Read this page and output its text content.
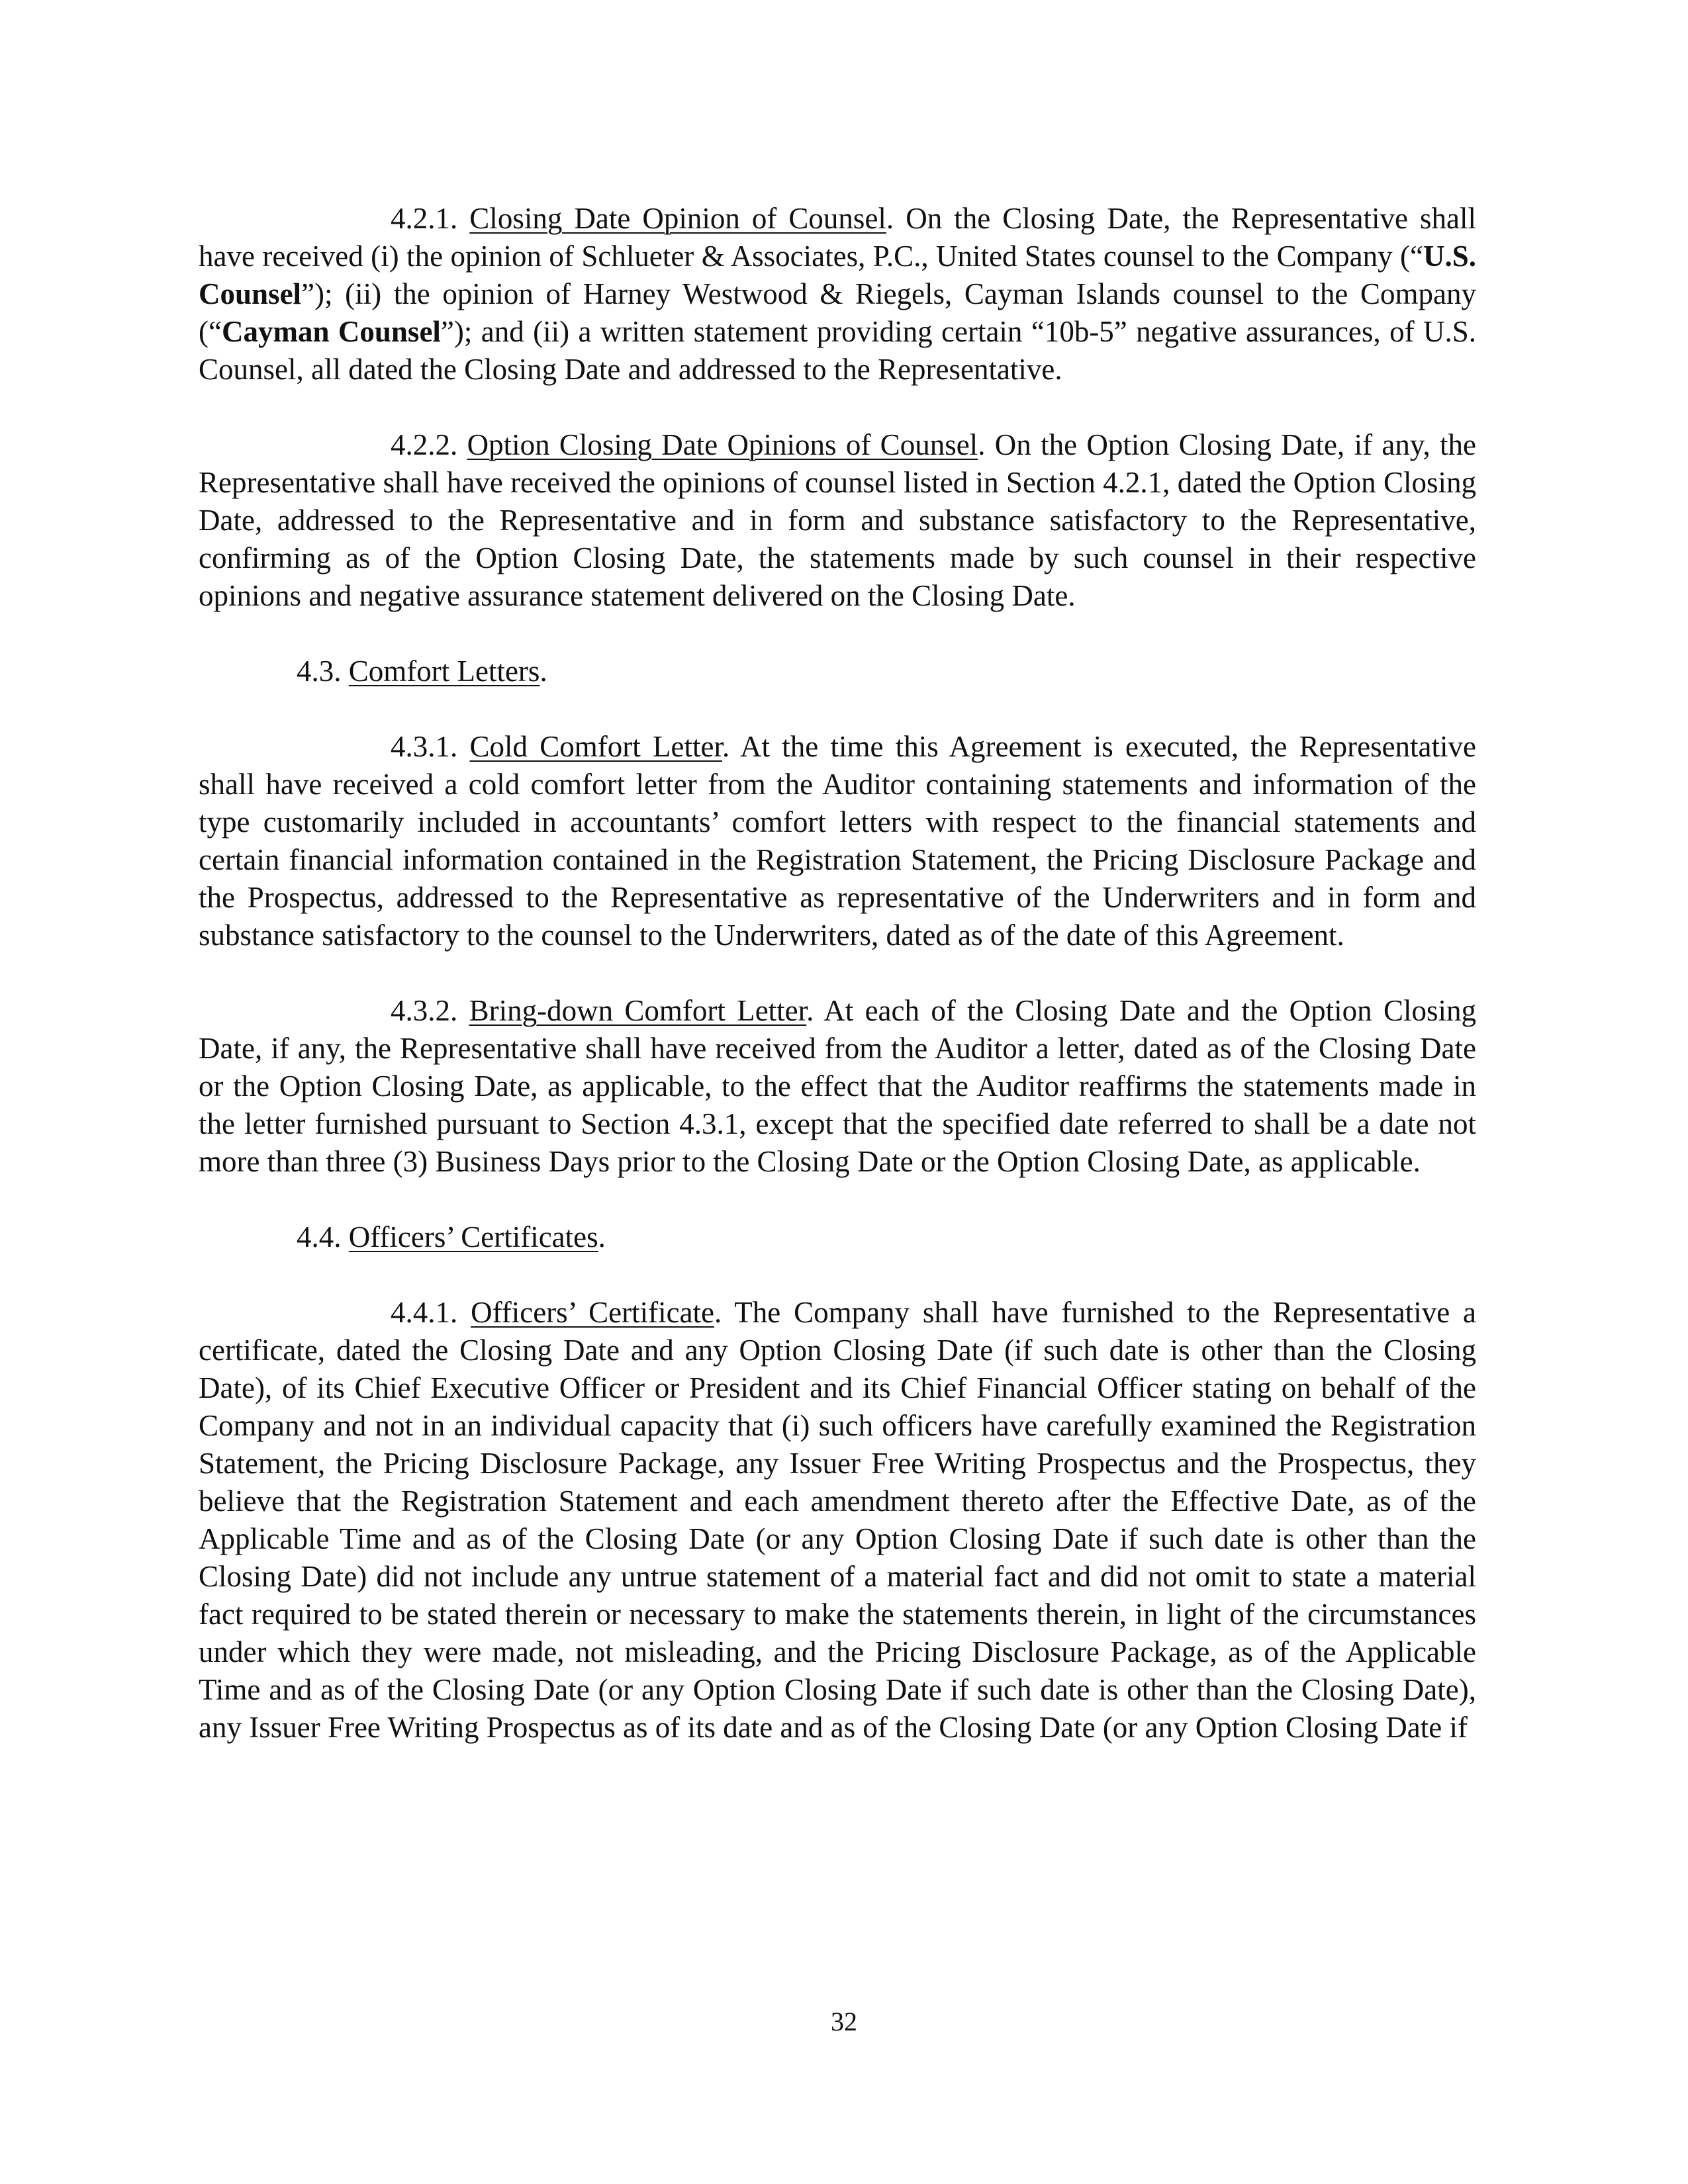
4.2.1. Closing Date Opinion of Counsel. On the Closing Date, the Representative shall have received (i) the opinion of Schlueter & Associates, P.C., United States counsel to the Company (“U.S. Counsel”); (ii) the opinion of Harney Westwood & Riegels, Cayman Islands counsel to the Company (“Cayman Counsel”); and (ii) a written statement providing certain “10b-5” negative assurances, of U.S. Counsel, all dated the Closing Date and addressed to the Representative.

4.2.2. Option Closing Date Opinions of Counsel. On the Option Closing Date, if any, the Representative shall have received the opinions of counsel listed in Section 4.2.1, dated the Option Closing Date, addressed to the Representative and in form and substance satisfactory to the Representative, confirming as of the Option Closing Date, the statements made by such counsel in their respective opinions and negative assurance statement delivered on the Closing Date.

4.3. Comfort Letters.

4.3.1. Cold Comfort Letter. At the time this Agreement is executed, the Representative shall have received a cold comfort letter from the Auditor containing statements and information of the type customarily included in accountants’ comfort letters with respect to the financial statements and certain financial information contained in the Registration Statement, the Pricing Disclosure Package and the Prospectus, addressed to the Representative as representative of the Underwriters and in form and substance satisfactory to the counsel to the Underwriters, dated as of the date of this Agreement.

4.3.2. Bring-down Comfort Letter. At each of the Closing Date and the Option Closing Date, if any, the Representative shall have received from the Auditor a letter, dated as of the Closing Date or the Option Closing Date, as applicable, to the effect that the Auditor reaffirms the statements made in the letter furnished pursuant to Section 4.3.1, except that the specified date referred to shall be a date not more than three (3) Business Days prior to the Closing Date or the Option Closing Date, as applicable.

4.4. Officers’ Certificates.

4.4.1. Officers’ Certificate. The Company shall have furnished to the Representative a certificate, dated the Closing Date and any Option Closing Date (if such date is other than the Closing Date), of its Chief Executive Officer or President and its Chief Financial Officer stating on behalf of the Company and not in an individual capacity that (i) such officers have carefully examined the Registration Statement, the Pricing Disclosure Package, any Issuer Free Writing Prospectus and the Prospectus, they believe that the Registration Statement and each amendment thereto after the Effective Date, as of the Applicable Time and as of the Closing Date (or any Option Closing Date if such date is other than the Closing Date) did not include any untrue statement of a material fact and did not omit to state a material fact required to be stated therein or necessary to make the statements therein, in light of the circumstances under which they were made, not misleading, and the Pricing Disclosure Package, as of the Applicable Time and as of the Closing Date (or any Option Closing Date if such date is other than the Closing Date), any Issuer Free Writing Prospectus as of its date and as of the Closing Date (or any Option Closing Date if

32
